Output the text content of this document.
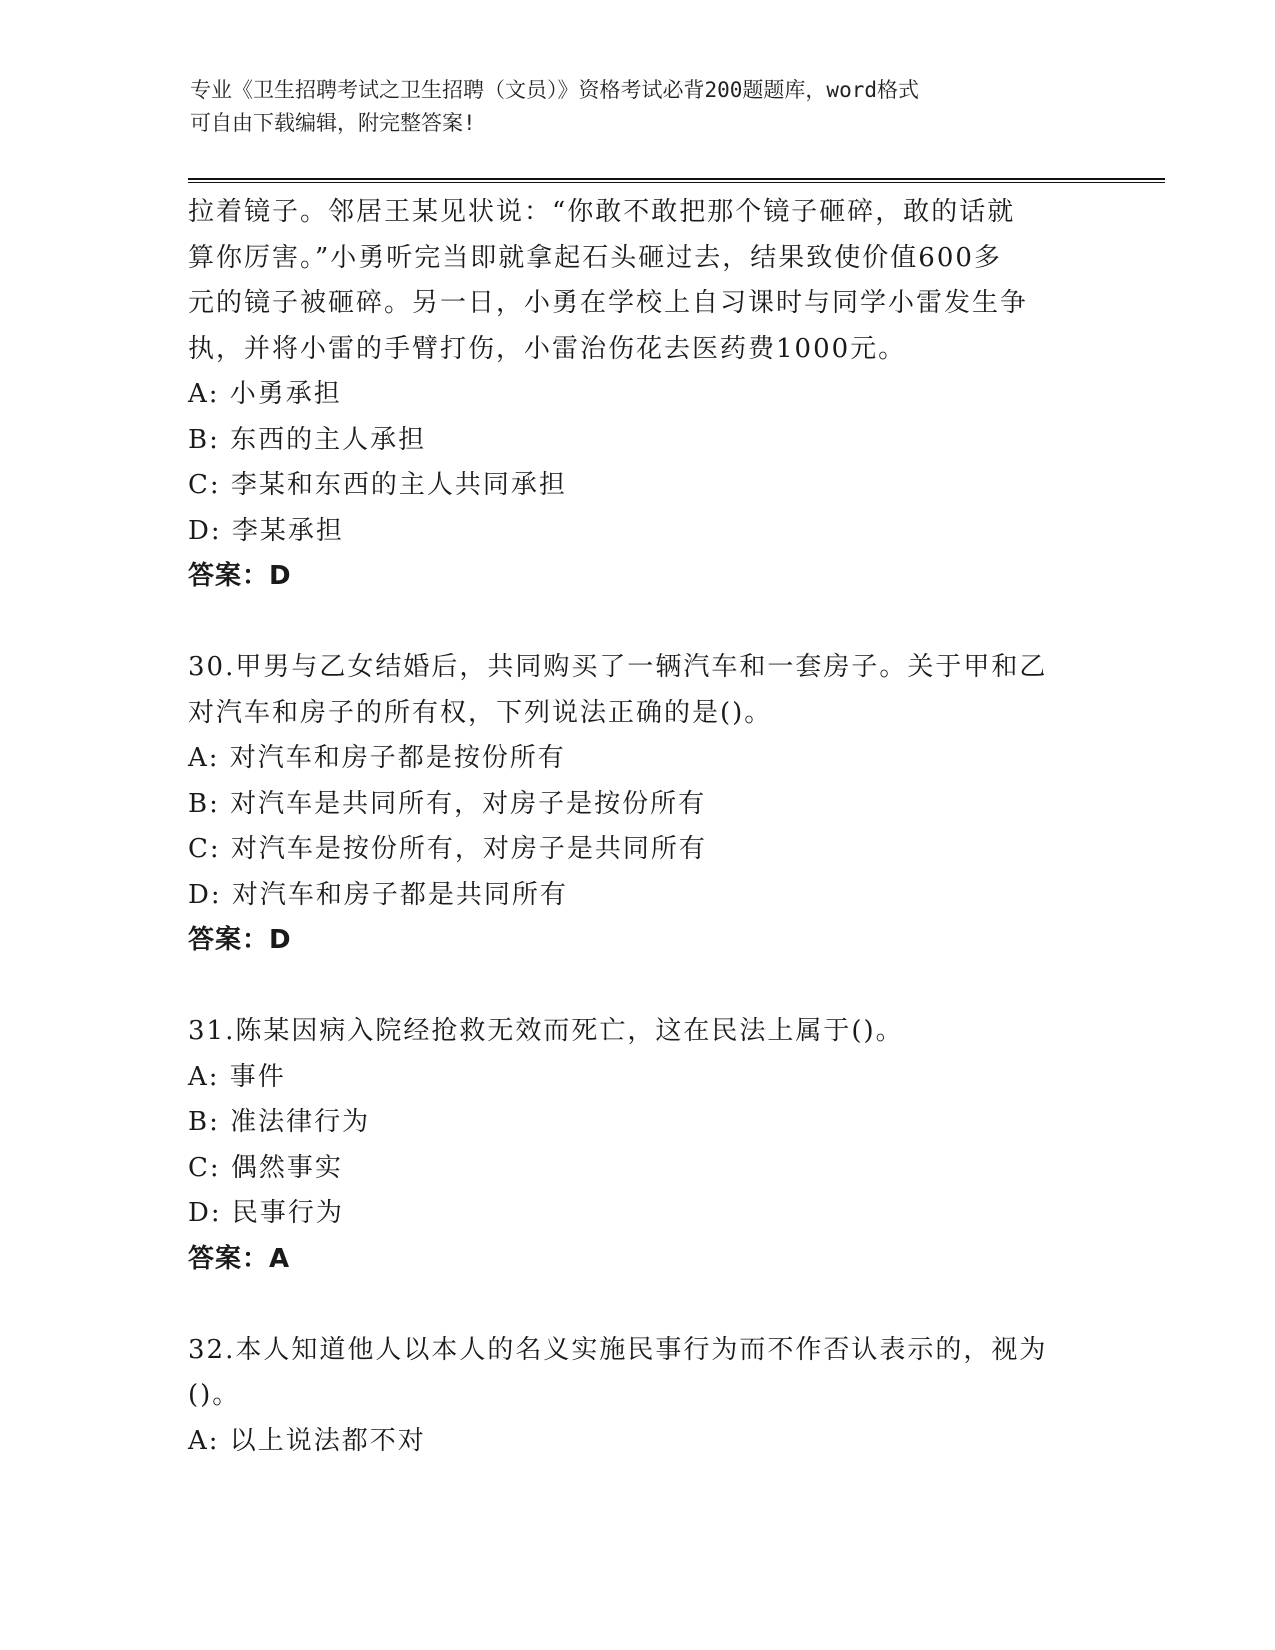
专业《卫生招聘考试之卫生招聘（文员）》资格考试必背200题题库，word格式
可自由下载编辑，附完整答案!
拉着镜子。邻居王某见状说：“你敢不敢把那个镜子砸碎，敢的话就
算你厉害。”小勇听完当即就拿起石头砸过去，结果致使价值600多
元的镜子被砸碎。另一日，小勇在学校上自习课时与同学小雷发生争
执，并将小雷的手臂打伤，小雷治伤花去医药费1000元。
A: 小勇承担
B: 东西的主人承担
C: 李某和东西的主人共同承担
D: 李某承担
答案：D
30.甲男与乙女结婚后，共同购买了一辆汽车和一套房子。关于甲和乙
对汽车和房子的所有权，下列说法正确的是()。
A: 对汽车和房子都是按份所有
B: 对汽车是共同所有，对房子是按份所有
C: 对汽车是按份所有，对房子是共同所有
D: 对汽车和房子都是共同所有
答案：D
31.陈某因病入院经抢救无效而死亡，这在民法上属于()。
A: 事件
B: 准法律行为
C: 偶然事实
D: 民事行为
答案：A
32.本人知道他人以本人的名义实施民事行为而不作否认表示的，视为
()。
A: 以上说法都不对
